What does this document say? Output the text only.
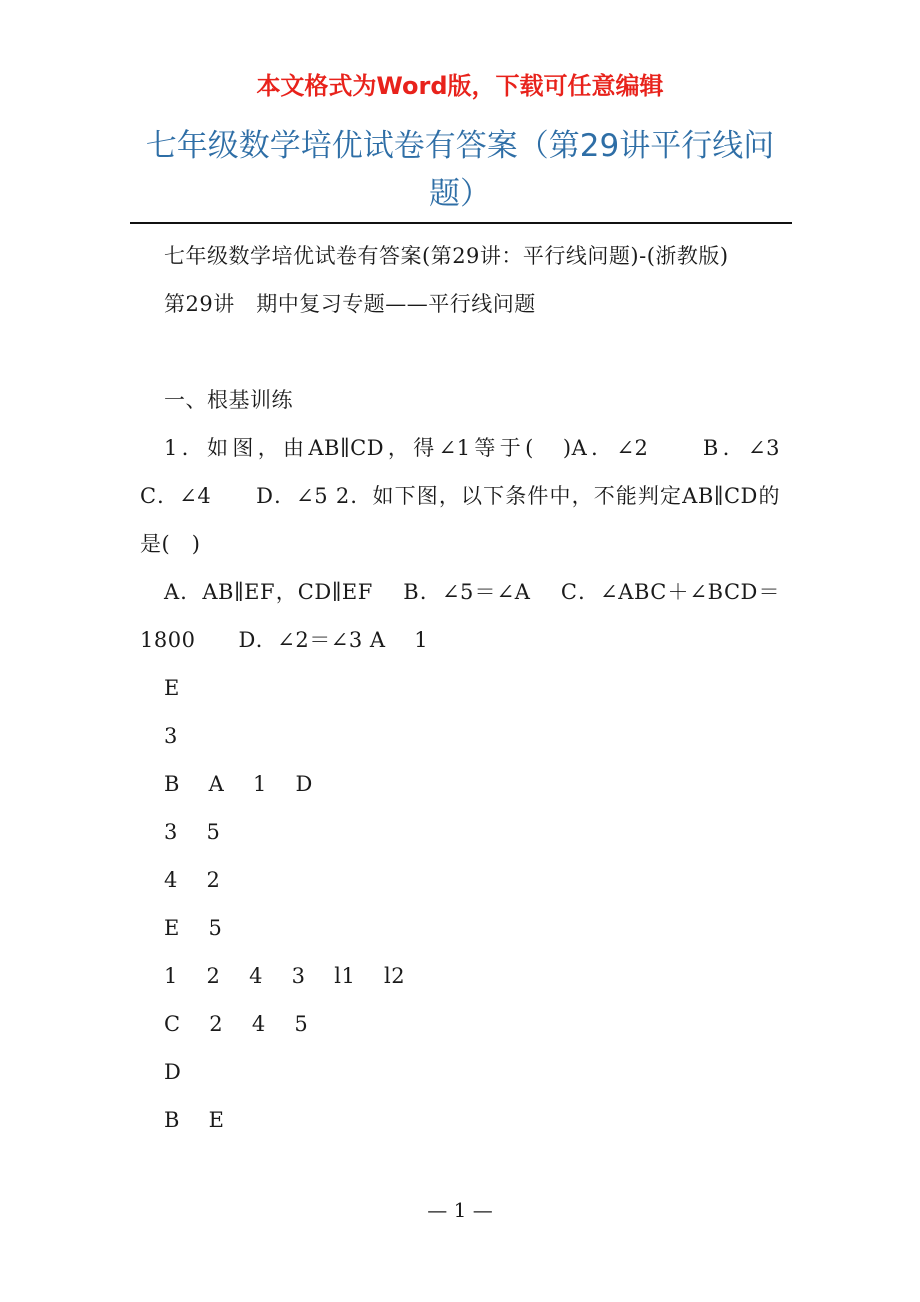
本文格式为Word版，下载可任意编辑
七年级数学培优试卷有答案（第29讲平行线问题）

七年级数学培优试卷有答案(第29讲：平行线问题)-(浙教版)

第29讲　期中复习专题——平行线问题

一、根基训练

1．如图，由AB∥CD，得∠1等于(　)A．∠2　　B．∠3　　C．∠4　　D．∠5 2．如下图，以下条件中，不能判定AB∥CD的是(　)

A．AB∥EF，CD∥EF　 B．∠5＝∠A　 C．∠ABC＋∠BCD＝1800　　D．∠2＝∠3 A　 1

E

3

B    A    1    D

3    5

4    2

E    5

1    2    4    3    l1    l2

C    2    4    5

D

B    E

— 1 —
